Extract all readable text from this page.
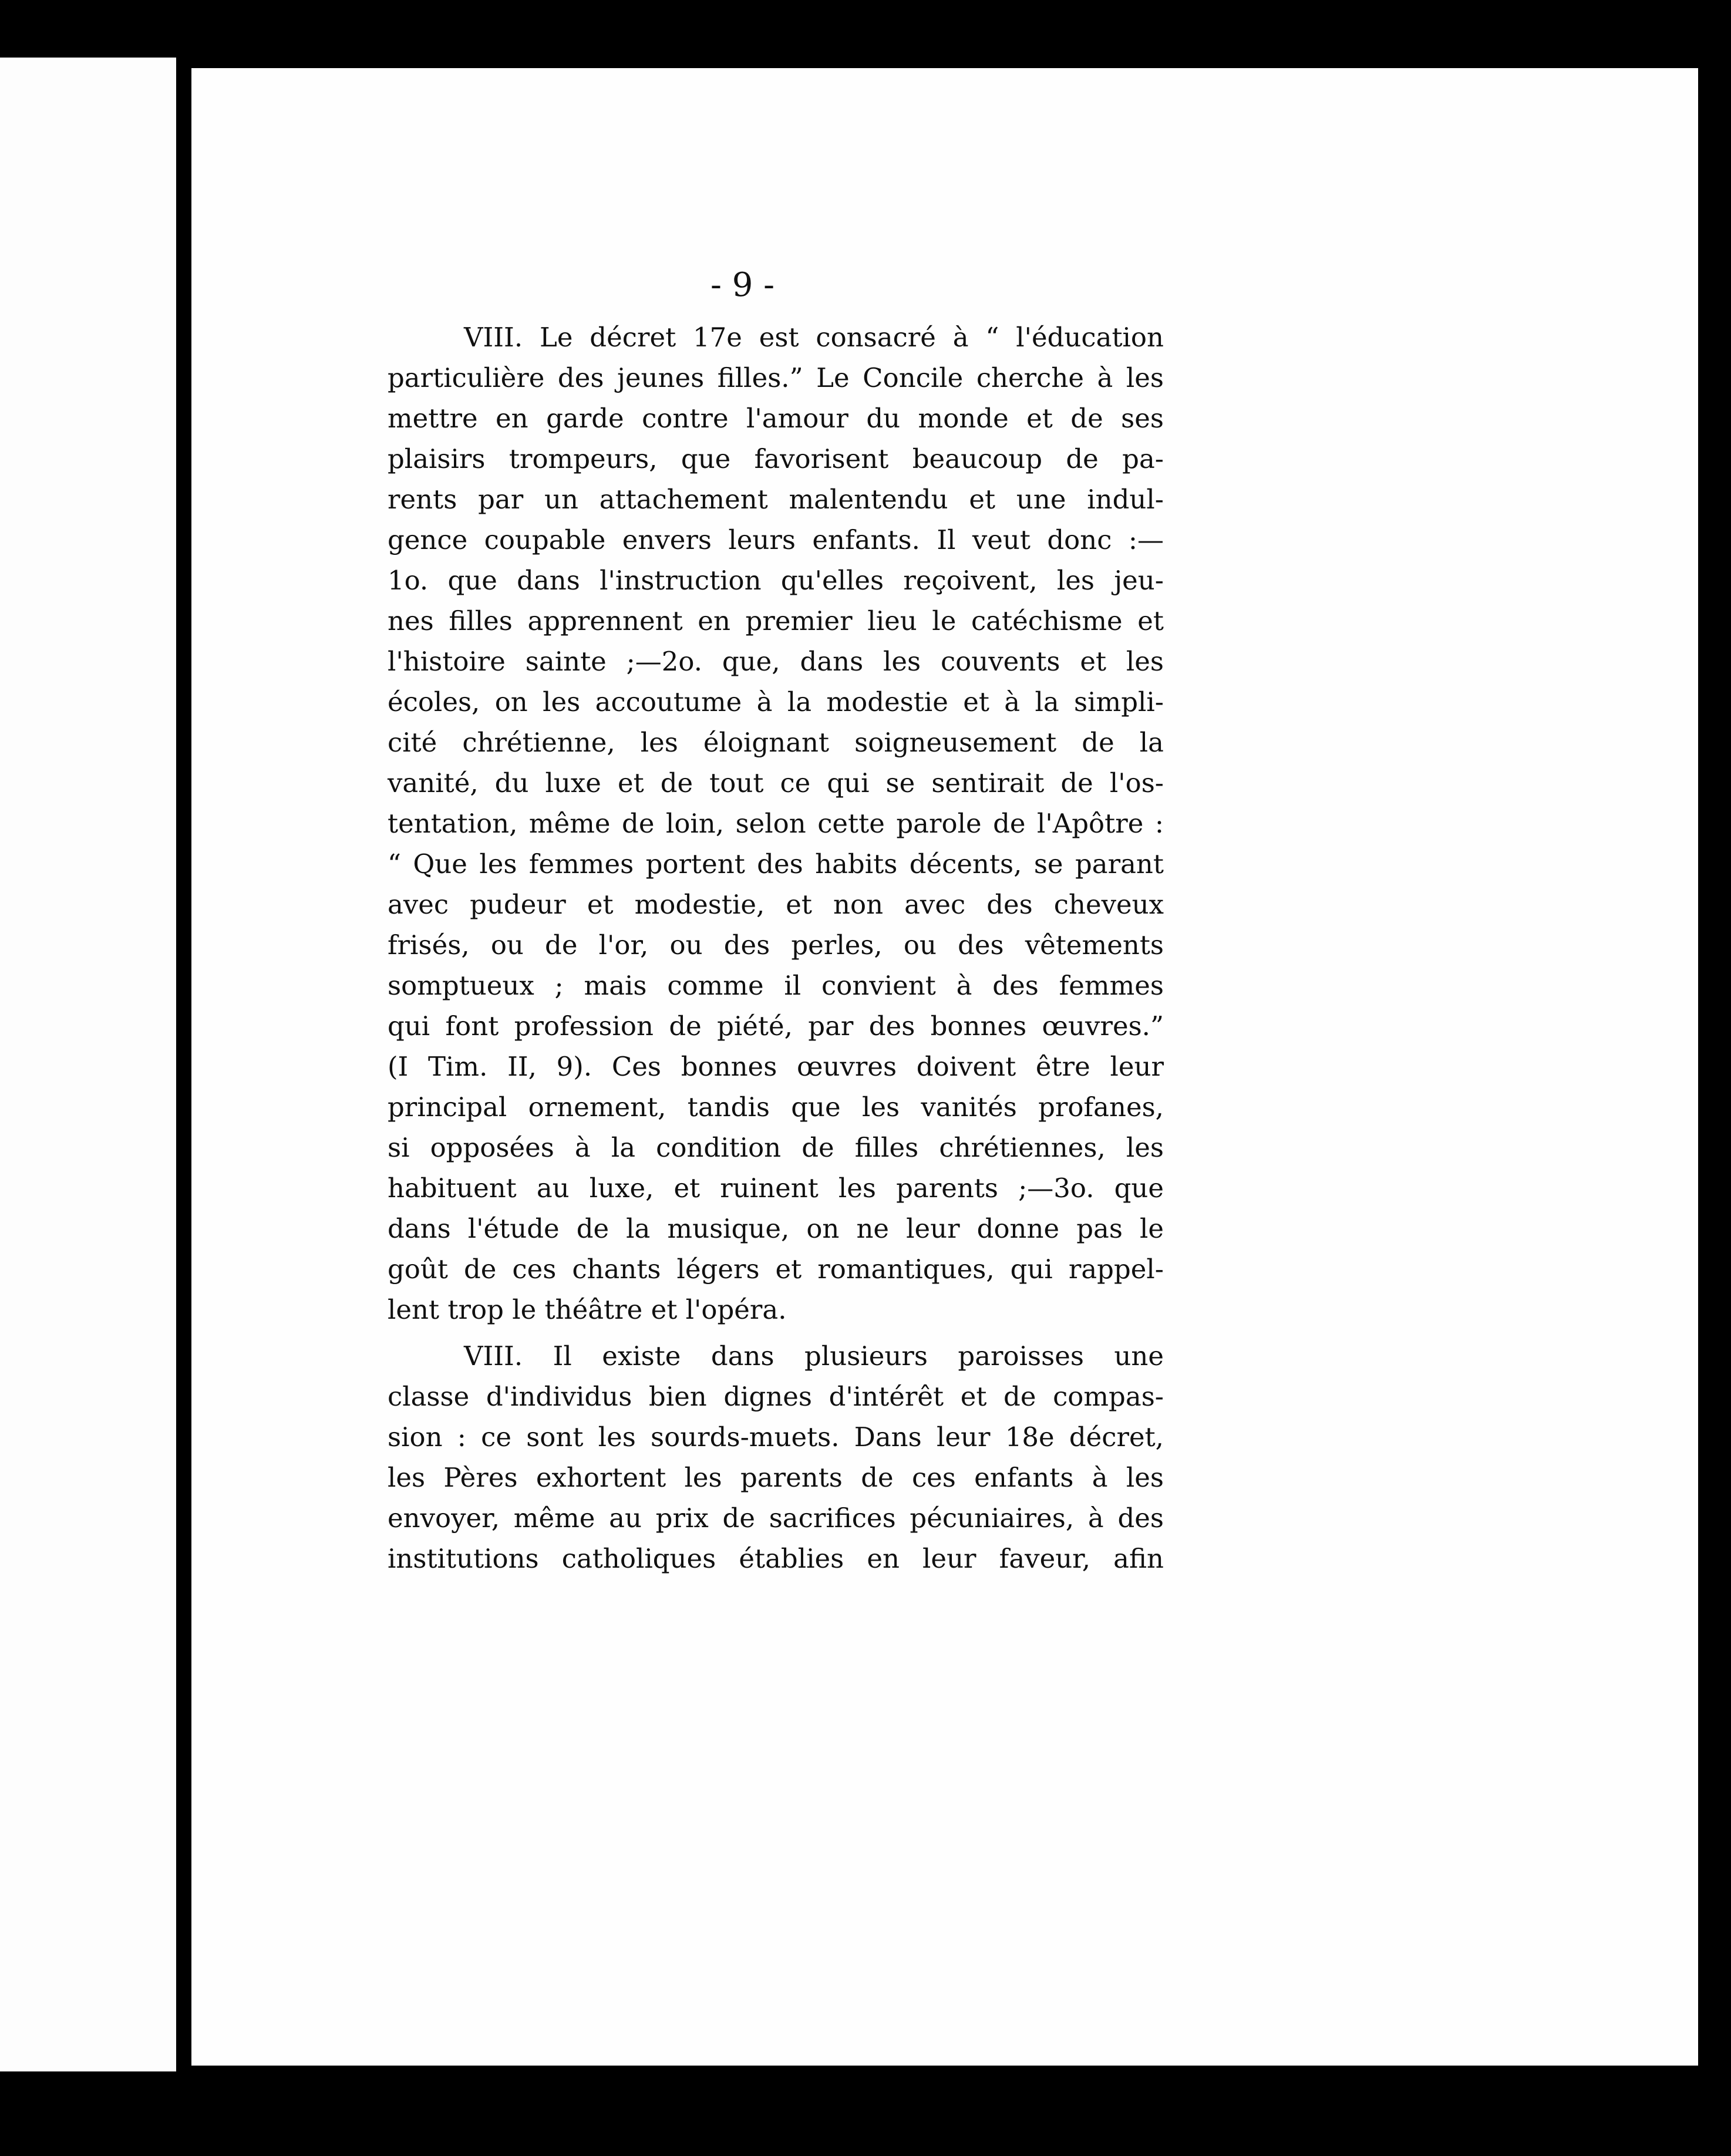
- 9 -
VIII. Le décret 17e est consacré à “ l'éducation
particulière des jeunes filles.” Le Concile cherche à les
mettre en garde contre l'amour du monde et de ses
plaisirs trompeurs, que favorisent beaucoup de pa-
rents par un attachement malentendu et une indul-
gence coupable envers leurs enfants. Il veut donc :—
1o. que dans l'instruction qu'elles reçoivent, les jeu-
nes filles apprennent en premier lieu le catéchisme et
l'histoire sainte ;—2o. que, dans les couvents et les
écoles, on les accoutume à la modestie et à la simpli-
cité chrétienne, les éloignant soigneusement de la
vanité, du luxe et de tout ce qui se sentirait de l'os-
tentation, même de loin, selon cette parole de l'Apôtre :
“ Que les femmes portent des habits décents, se parant
avec pudeur et modestie, et non avec des cheveux
frisés, ou de l'or, ou des perles, ou des vêtements
somptueux ; mais comme il convient à des femmes
qui font profession de piété, par des bonnes œuvres.”
(I Tim. II, 9). Ces bonnes œuvres doivent être leur
principal ornement, tandis que les vanités profanes,
si opposées à la condition de filles chrétiennes, les
habituent au luxe, et ruinent les parents ;—3o. que
dans l'étude de la musique, on ne leur donne pas le
goût de ces chants légers et romantiques, qui rappel-
lent trop le théâtre et l'opéra.
VIII. Il existe dans plusieurs paroisses une
classe d'individus bien dignes d'intérêt et de compas-
sion : ce sont les sourds-muets. Dans leur 18e décret,
les Pères exhortent les parents de ces enfants à les
envoyer, même au prix de sacrifices pécuniaires, à des
institutions catholiques établies en leur faveur, afin
